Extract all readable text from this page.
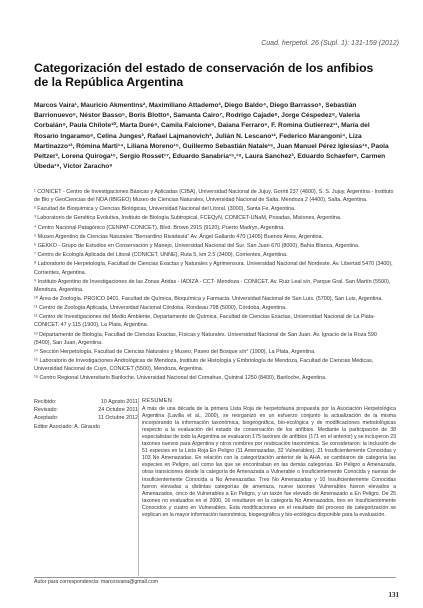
Cuad. herpetol. 26 (Supl. 1): 131-159 (2012)
Categorización del estado de conservación de los anfibios de la República Argentina
Marcos Vaira¹, Mauricio Akmentins², Maximiliano Attademo³, Diego Baldo⁴, Diego Barrasso⁵, Sebastián Barrionuevo⁶, Néstor Basso⁵, Boris Blotto⁶, Samanta Cairo⁷, Rodrigo Cajade⁸, Jorge Céspedez⁸, Valeria Corbalán⁹, Paula Chilote¹⁰, Marta Duré⁸, Camila Falcione⁸, Daiana Ferraro⁶, F. Romina Gutierrez¹¹, María del Rosario Ingaramo⁸, Celina Junges³, Rafael Lajmanovich³, Julián N. Lescano¹², Federico Marangoni⁴, Liza Martinazzo¹³, Rómina Marti¹⁴, Liliana Moreno¹⁵, Guillermo Sebastián Natale¹⁶, Juan Manuel Pérez Iglesias¹⁶, Paola Peltzer³, Lorena Quiroga¹⁵, Sergio Rosset¹⁷, Eduardo Sanabria¹⁵,¹⁸, Laura Sanchez³, Eduardo Schaefer⁸, Carmen Úbeda¹⁹, Víctor Zaracho⁸

¹ CONICET - Centro de Investigaciones Básicas y Aplicadas (CIBA), Universidad Nacional de Jujuy, Gorriti 237 (4600), S. S. Jujuy, Argentina - Instituto de Bio y GeoCiencias del NOA (IBIGEO) Museo de Ciencias Naturales, Universidad Nacional de Salta. Mendoza 2 (4400), Salta, Argentina.

² Facultad de Bioquímica y Ciencias Biológicas, Universidad Nacional del Litoral. (3000), Santa Fe, Argentina.

³ Laboratorio de Genética Evolutiva, Instituto de Biología Subtropical, FCEQyN, CONICET-UNaM, Posadas, Misiones, Argentina.

⁴ Centro Nacional Patagónico (CENPAT-CONICET). Blvd. Brown 2915 (9120), Puerto Madryn, Argentina.

⁵ Museo Argentino de Ciencias Naturales "Bernardino Rivadavia" Av. Ángel Gallardo 470 (1405) Buenos Aires, Argentina.

⁶ GEKKO - Grupo de Estudios en Conservación y Manejo, Universidad Nacional del Sur. San Juan 670 (8000), Bahía Blanca, Argentina.

⁷ Centro de Ecología Aplicada del Litoral (CONICET, UNNE), Ruta 5, km 2.5 (3400), Corrientes, Argentina.

⁸ Laboratorio de Herpetología, Facultad de Ciencias Exactas y Naturales y Agrimensura. Universidad Nacional del Nordeste. Av. Libertad 5470 (3400), Corrientes, Argentina.

⁹ Instituto Argentino de Investigaciones de las Zonas Áridas - IADIZA - CCT- Mendoza - CONICET. Av. Ruiz Leal s/n, Parque Gral. San Martín (5500), Mendoza, Argentina.

¹⁰ Área de Zoología. PROICO 9401. Facultad de Química, Bioquímica y Farmacia. Universidad Nacional de San Luis. (5700), San Luis, Argentina.

¹¹ Centro de Zoología Aplicada, Universidad Nacional Córdoba. Rondeau 798 (5000), Córdoba, Argentina.

¹² Centro de Investigaciones del Medio Ambiente, Departamento de Química, Facultad de Ciencias Exactas, Universidad Nacional de La Plata- CONICET. 47 y 115 (1900), La Plata, Argentina.

¹³ Departamento de Biología, Facultad de Ciencias Exactas, Físicas y Naturales. Universidad Nacional de San Juan. Av. Ignacio de la Roza 590 (5400), San Juan, Argentina.

¹⁴ Sección Herpetología, Facultad de Ciencias Naturales y Museo, Paseo del Bosque s/n° (1900), La Plata, Argentina.

¹⁵ Laboratorio de Investigaciones Andrológicas de Mendoza, Instituto de Histología y Embriología de Mendoza, Facultad de Ciencias Médicas, Universidad Nacional de Cuyo, CONICET (5500), Mendoza, Argentina.

¹⁶ Centro Regional Universitario Bariloche, Universidad Nacional del Comahue, Quintral 1250 (8400), Bariloche, Argentina.

Recibido:	10 Agosto 2011
Revisado:	24 Octubre 2011
Aceptado:	11 Octubre 2012
Editor Asociado: A. Giraudo
RESUMEN

A más de una década de la primera Lista Roja de herpetofauna propuesta por la Asociación Herpetológica Argentina (Lavilla et al., 2000), se reorganizó en un esfuerzo conjunto la actualización de la misma incorporando la información taxonómica, biogeográfica, bio-ecológica y de modificaciones metodológicas respecto a la evaluación del estado de conservación de los anfibios. Mediante la participación de 38 especialistas de todo la Argentina se evaluaron 175 taxones de anfibios (171 en el anterior) y se incluyeron 23 taxones nuevos para Argentina y otros nombres por reubicación taxonómica. Se consideraron: la inclusión de 51 especies en la Lista Roja En Peligro (11 Amenazadas, 32 Vulnerables), 21 Insuficientemente Conocidas y 103 No Amenazadas. En relación con la categorización anterior de la AHA, se cambiaron de categoría las especies en Peligro, así como las que se encontraban en las demás categorías. En Peligro a Amenazada, otras transiciones desde la categoría de Amenazada a Vulnerable o Insuficientemente Conocida y nuevas de Insuficientemente Conocida a No Amenazadas. Tres No Amenazadas y 10 Insuficientemente Conocidas fueron elevadas a distintas categorías de amenaza, nueve taxones Vulnerables fueron elevados a Amenazados, cinco de Vulnerables a En Peligro, y un taxón fue elevado de Amenazado a En Peligro. De 25 taxones no evaluados en el 2000, 16 resultaron en la categoría No Amenazados, tres en Insuficientemente Conocidos y cuatro en Vulnerables. Esta modificaciones en el resultado del proceso de categorización se explican en la mayor información taxonómica, biogeográfica y bio-ecológica disponible para la evaluación.

Autor para correspondencia: marcosvaira@gmail.com
131
